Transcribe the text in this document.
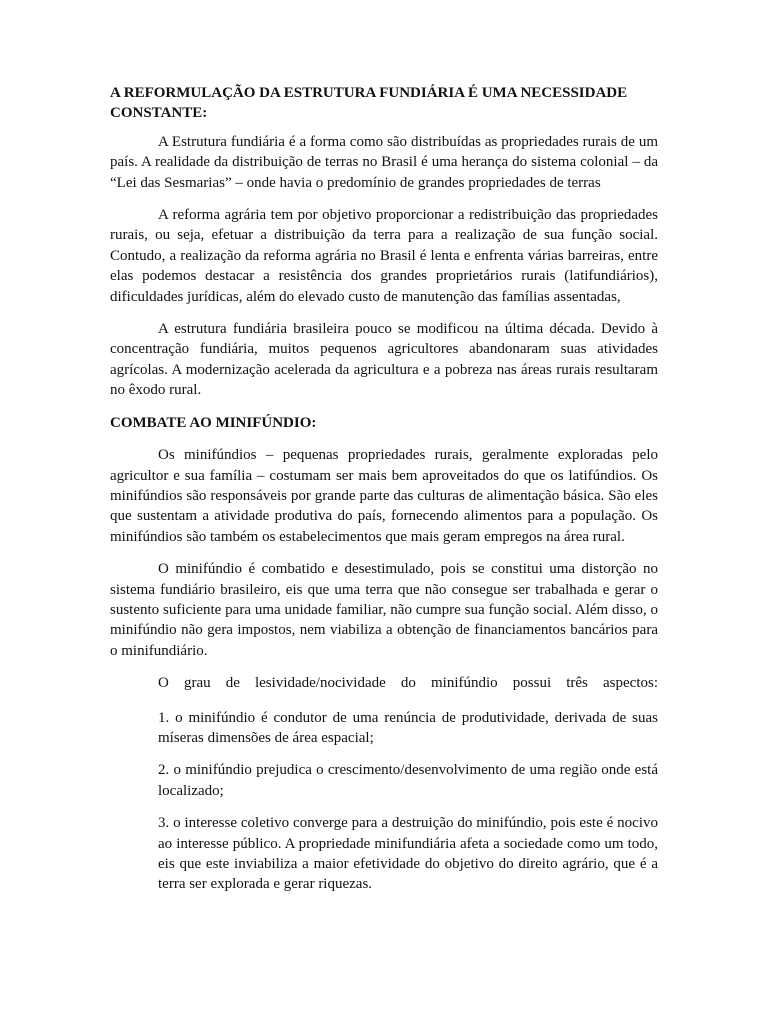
A REFORMULAÇÃO DA ESTRUTURA FUNDIÁRIA É UMA NECESSIDADE CONSTANTE:

A Estrutura fundiária é a forma como são distribuídas as propriedades rurais de um país. A realidade da distribuição de terras no Brasil é uma herança do sistema colonial – da “Lei das Sesmarias” – onde havia o predomínio de grandes propriedades de terras

A reforma agrária tem por objetivo proporcionar a redistribuição das propriedades rurais, ou seja, efetuar a distribuição da terra para a realização de sua função social. Contudo, a realização da reforma agrária no Brasil é lenta e enfrenta várias barreiras, entre elas podemos destacar a resistência dos grandes proprietários rurais (latifundiários), dificuldades jurídicas, além do elevado custo de manutenção das famílias assentadas,

A estrutura fundiária brasileira pouco se modificou na última década. Devido à concentração fundiária, muitos pequenos agricultores abandonaram suas atividades agrícolas. A modernização acelerada da agricultura e a pobreza nas áreas rurais resultaram no êxodo rural.

COMBATE AO MINIFÚNDIO:

Os minifúndios – pequenas propriedades rurais, geralmente exploradas pelo agricultor e sua família – costumam ser mais bem aproveitados do que os latifúndios. Os minifúndios são responsáveis por grande parte das culturas de alimentação básica. São eles que sustentam a atividade produtiva do país, fornecendo alimentos para a população. Os minifúndios são também os estabelecimentos que mais geram empregos na área rural.

O minifúndio é combatido e desestimulado, pois se constitui uma distorção no sistema fundiário brasileiro, eis que uma terra que não consegue ser trabalhada e gerar o sustento suficiente para uma unidade familiar, não cumpre sua função social. Além disso, o minifúndio não gera impostos, nem viabiliza a obtenção de financiamentos bancários para o minifundiário.

O grau de lesividade/nocividade do minifúndio possui três aspectos:

1. o minifúndio é condutor de uma renúncia de produtividade, derivada de suas míseras dimensões de área espacial;

2. o minifúndio prejudica o crescimento/desenvolvimento de uma região onde está localizado;

3. o interesse coletivo converge para a destruição do minifúndio, pois este é nocivo ao interesse público. A propriedade minifundiária afeta a sociedade como um todo, eis que este inviabiliza a maior efetividade do objetivo do direito agrário, que é a terra ser explorada e gerar riquezas.
